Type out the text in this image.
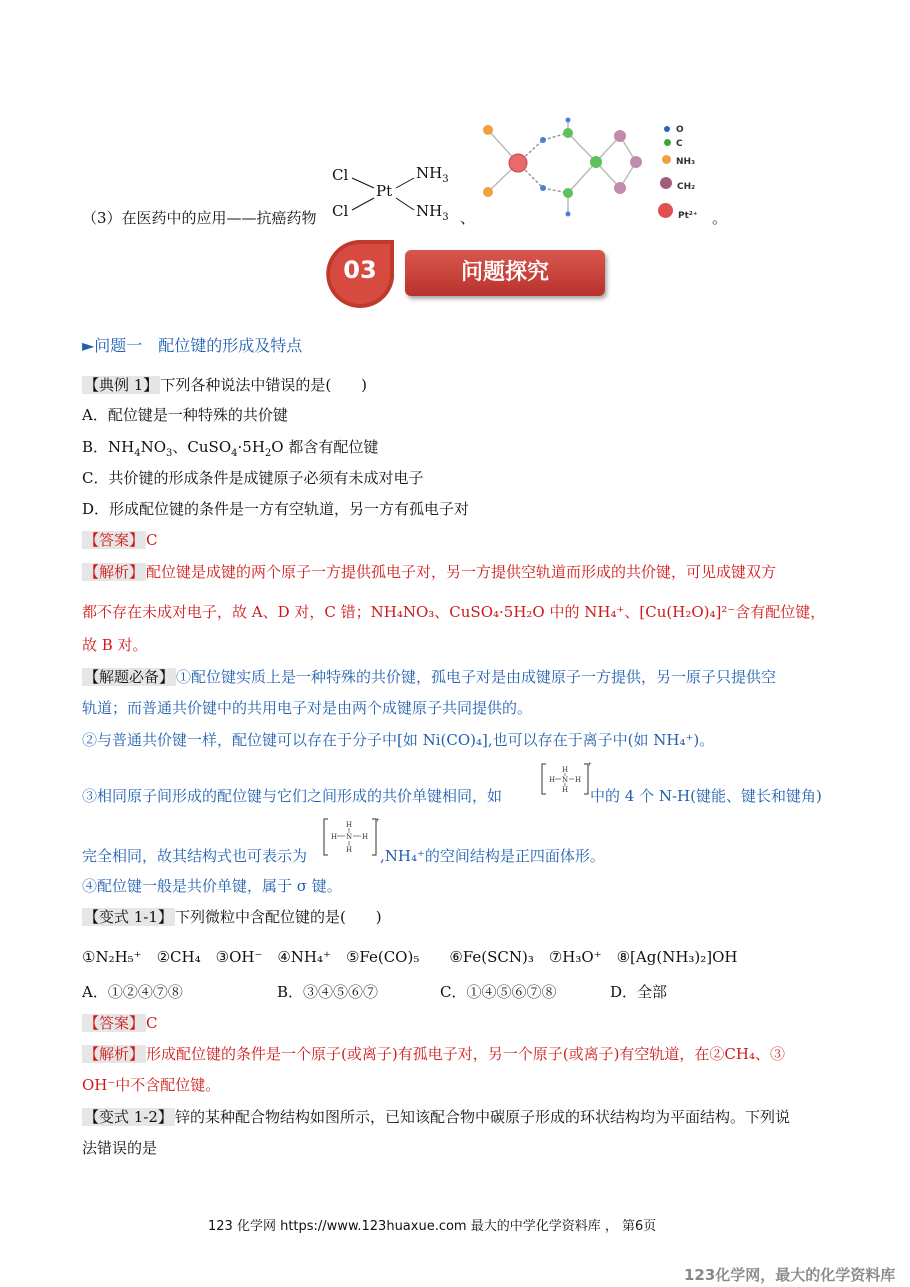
（3）在医药中的应用——抗癌药物
Cl
Cl
Pt
$NH_3$
$NH_3$ 、
O
C
NH₃
CH₂
Pt²⁺ 。
03	问题探究
►问题一　配位键的形成及特点
【典例 1】 下列各种说法中错误的是(　　)
A．配位键是一种特殊的共价键
B．$NH_4NO_3$、$CuSO_4\cdot 5H_2O$ 都含有配位键
C．共价键的形成条件是成键原子必须有未成对电子
D．形成配位键的条件是一方有空轨道，另一方有孤电子对
【答案】 C
【解析】 配位键是成键的两个原子一方提供孤电子对，另一方提供空轨道而形成的共价键，可见成键双方
都不存在未成对电子，故 A、D 对，C 错；NH₄NO₃、CuSO₄·5H₂O 中的 NH₄⁺、[Cu(H₂O)₄]²⁻含有配位键，
故 B 对。
【解题必备】 ①配位键实质上是一种特殊的共价键，孤电子对是由成键原子一方提供，另一原子只提供空
轨道；而普通共价键中的共用电子对是由两个成键原子共同提供的。
②与普通共价键一样，配位键可以存在于分子中[如 Ni(CO)₄],也可以存在于离子中(如 NH₄⁺)。
③相同原子间形成的配位键与它们之间形成的共价单键相同，如
H
H N H
H
+
中的 4 个 N-H(键能、键长和键角)
完全相同，故其结构式也可表示为
H
H N H
H
+
,NH₄⁺的空间结构是正四面体形。
④配位键一般是共价单键，属于 σ 键。
【变式 1-1】 下列微粒中含配位键的是(　　)
①N₂H₅⁺　②CH₄　③OH⁻　④NH₄⁺　⑤Fe(CO)₅　　⑥Fe(SCN)₃　⑦H₃O⁺　⑧[Ag(NH₃)₂]OH
A．①②④⑦⑧	B．③④⑤⑥⑦	C．①④⑤⑥⑦⑧	D．全部
【答案】 C
【解析】 形成配位键的条件是一个原子(或离子)有孤电子对，另一个原子(或离子)有空轨道，在②CH₄、③
OH⁻中不含配位键。
【变式 1-2】 锌的某种配合物结构如图所示，已知该配合物中碳原子形成的环状结构均为平面结构。下列说
法错误的是
123 化学网 https://www.123huaxue.com 最大的中学化学资料库 ， 第6页
123化学网，最大的化学资料库
